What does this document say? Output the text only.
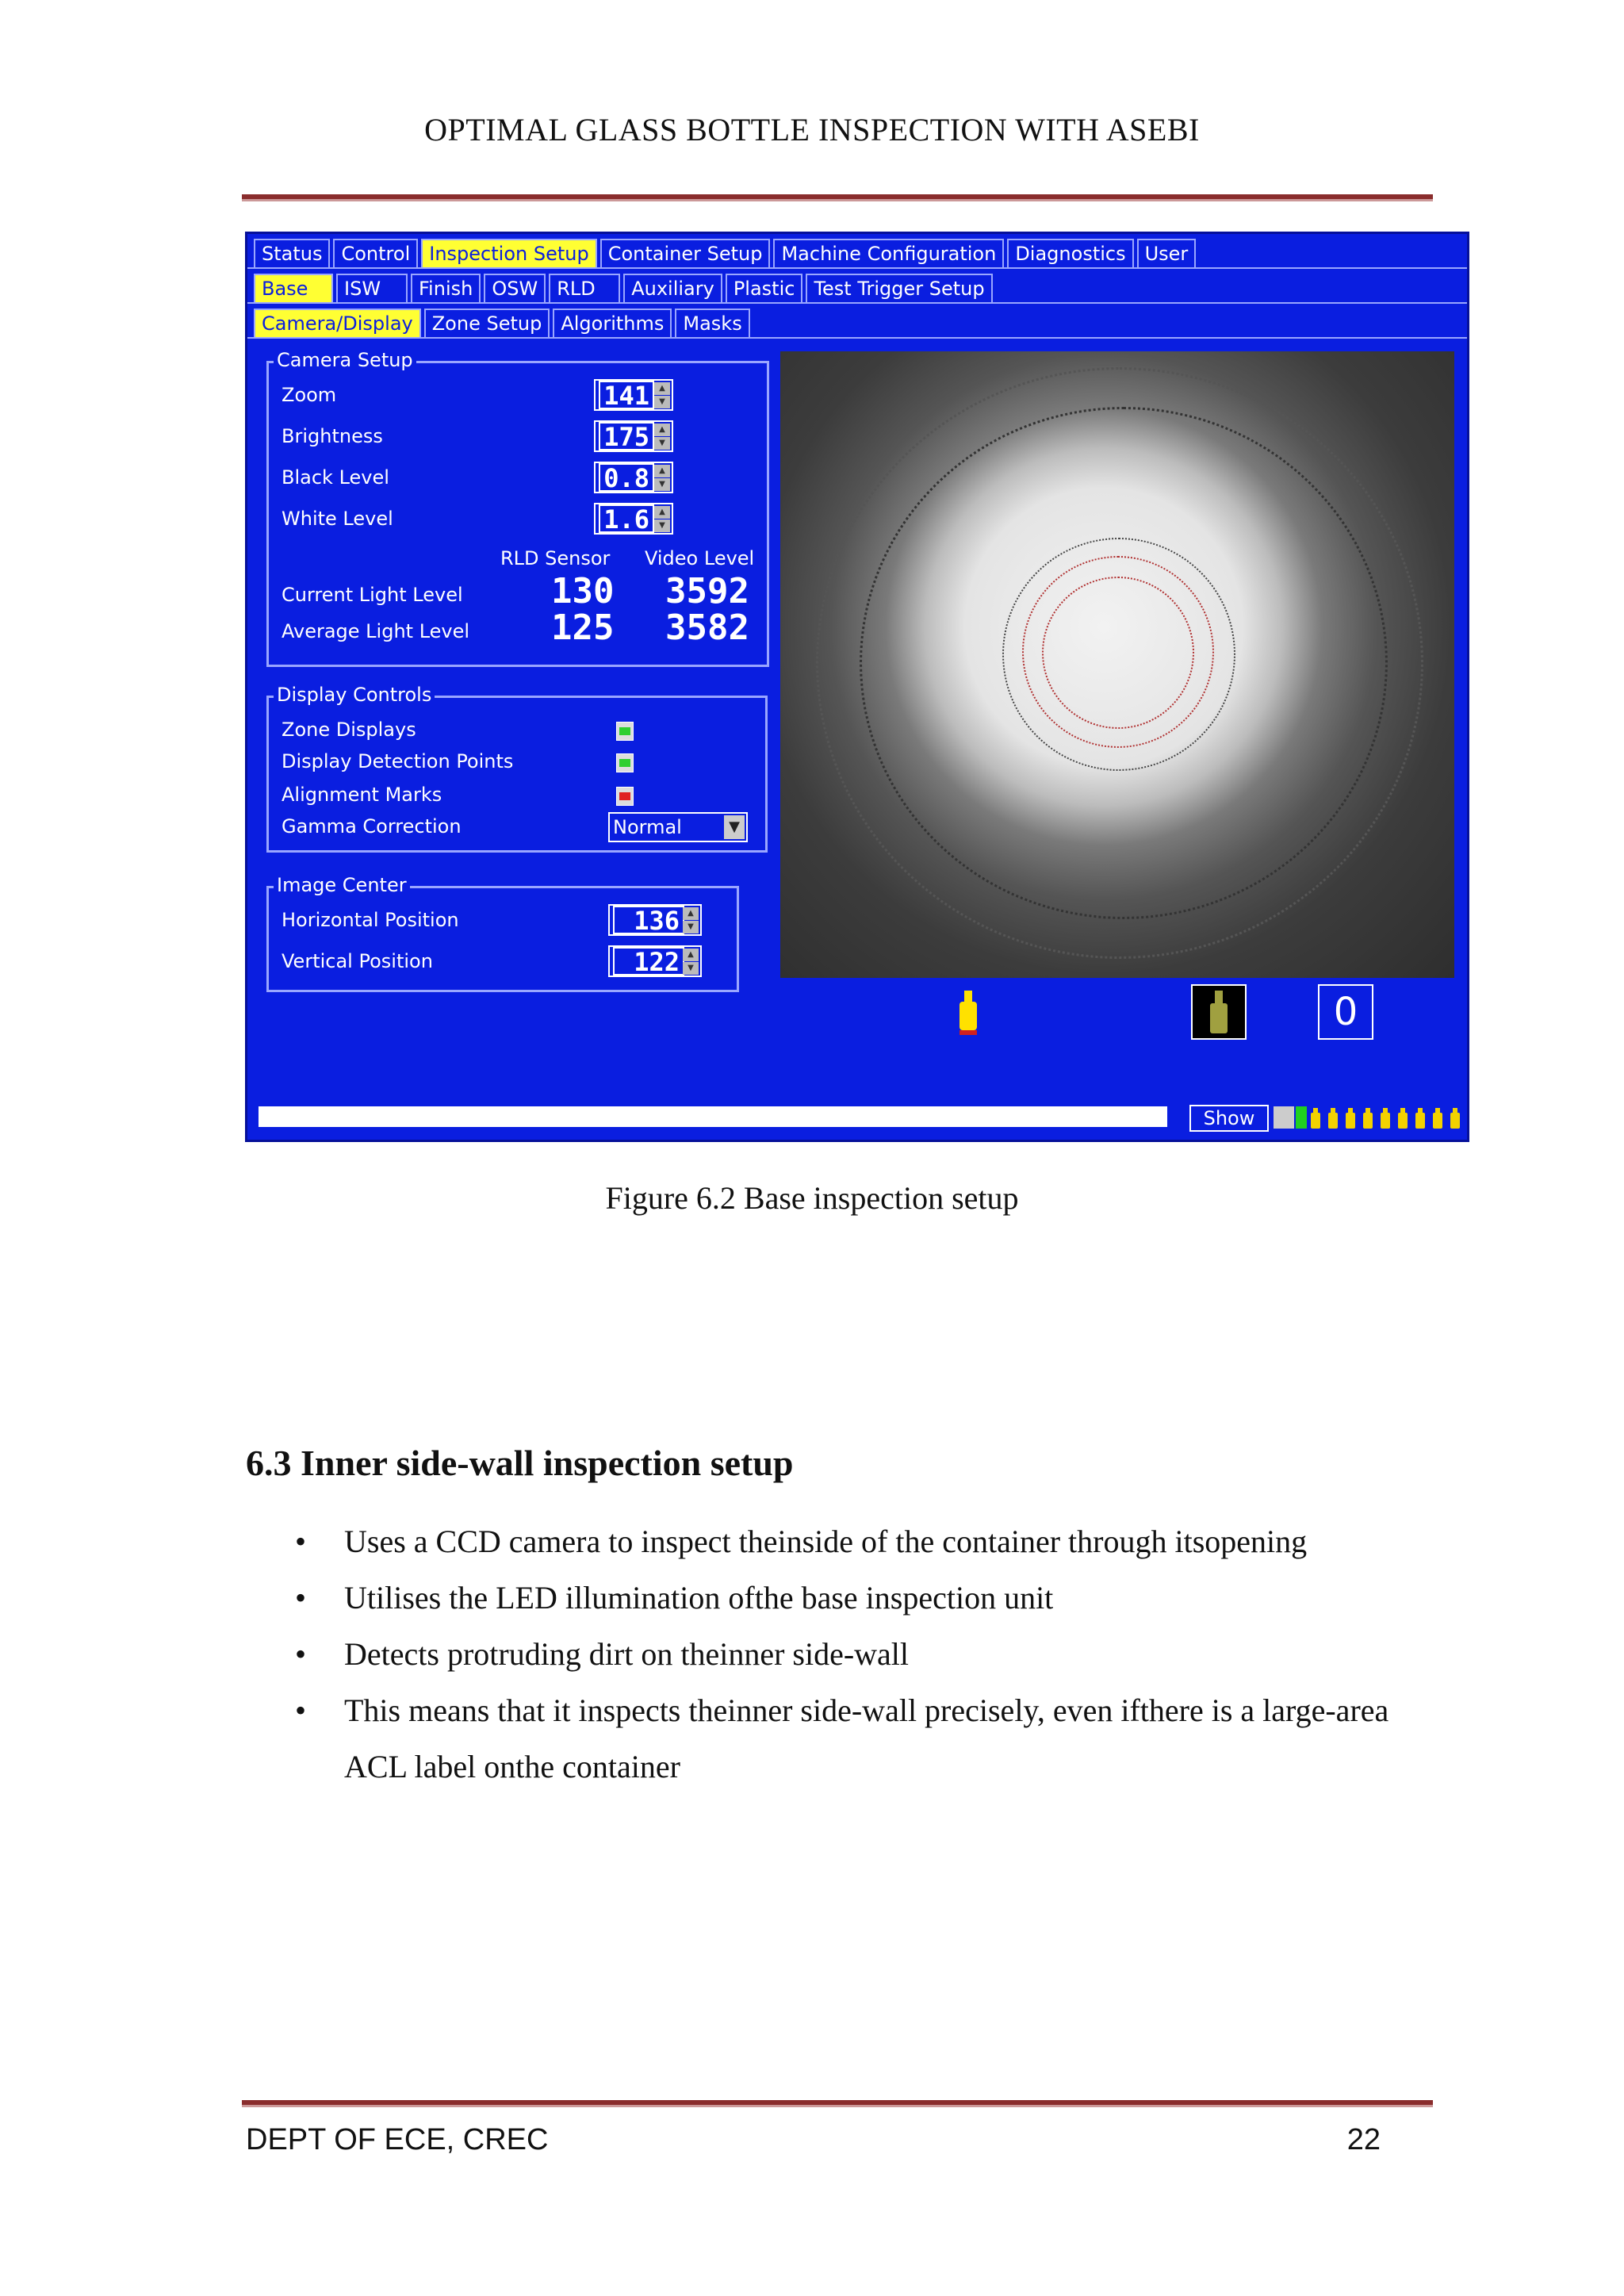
OPTIMAL GLASS BOTTLE INSPECTION WITH ASEBI
Status	Control	Inspection Setup	Container Setup	Machine Configuration	Diagnostics	User
Base	ISW	Finish	OSW	RLD	Auxiliary	Plastic	Test Trigger Setup
Camera/Display	Zone Setup	Algorithms	Masks
Camera Setup
Zoom	141	▲
▼
Brightness	175	▲
▼
Black Level	0.8	▲
▼
White Level	1.6	▲
▼
RLD Sensor Video Level
Current Light Level	130 3592
Average Light Level 125 3582
Display Controls
Zone Displays
Display Detection Points
Alignment Marks
Gamma Correction	Normal	▼
Image Center
Horizontal Position	136	▲
▼
Vertical Position	122	▲
▼
0
Show
Figure 6.2 Base inspection setup
6.3 Inner side-wall inspection setup
• Uses a CCD camera to inspect theinside of the container through itsopening
• Utilises the LED illumination ofthe base inspection unit
• Detects protruding dirt on theinner side-wall
• This means that it inspects theinner side-wall precisely, even ifthere is a large-area ACL label onthe container
DEPT OF ECE, CREC	22
